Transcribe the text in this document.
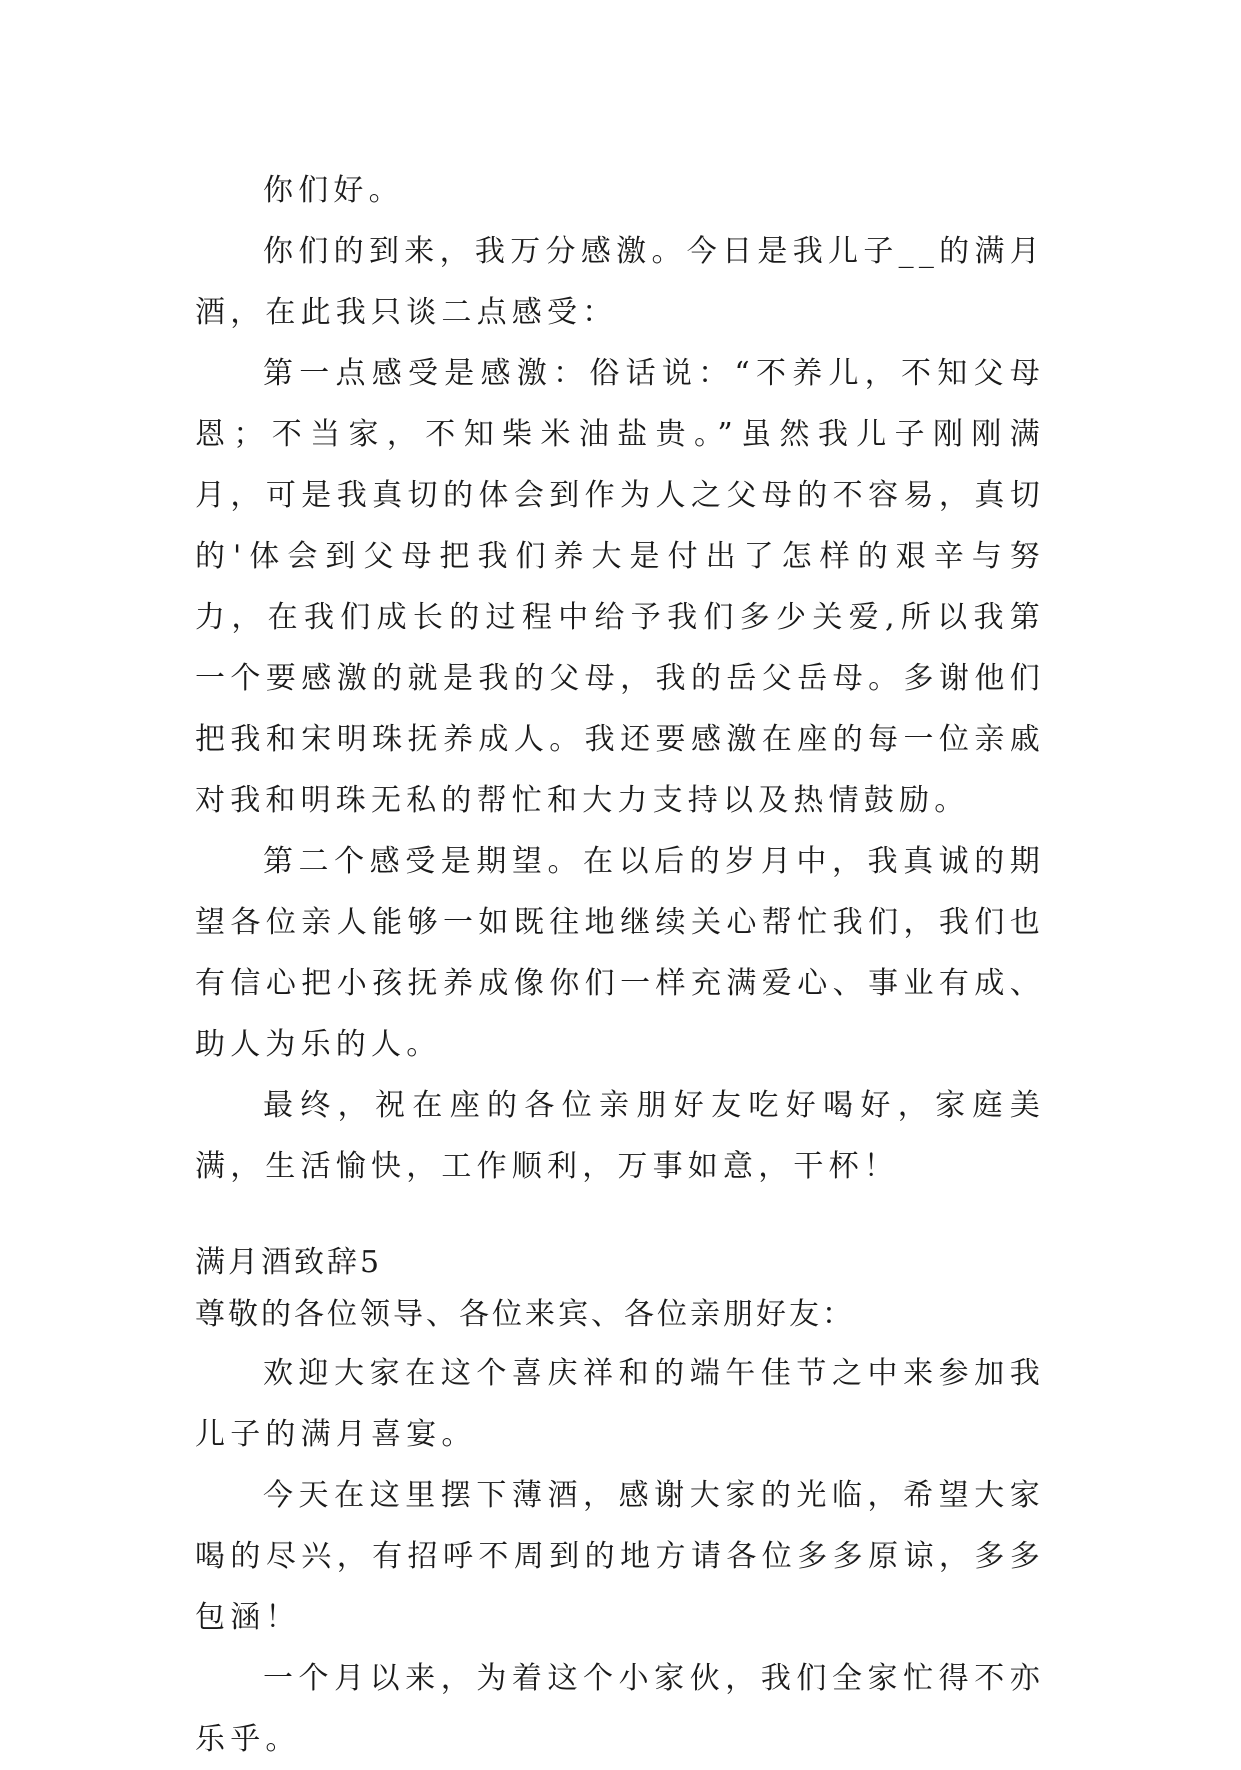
你们好。

你们的到来，我万分感激。今日是我儿子__的满月酒，在此我只谈二点感受：

第一点感受是感激：俗话说：“不养儿，不知父母恩；不当家，不知柴米油盐贵。”虽然我儿子刚刚满月，可是我真切的体会到作为人之父母的不容易，真切的'体会到父母把我们养大是付出了怎样的艰辛与努力，在我们成长的过程中给予我们多少关爱,所以我第一个要感激的就是我的父母，我的岳父岳母。多谢他们把我和宋明珠抚养成人。我还要感激在座的每一位亲戚对我和明珠无私的帮忙和大力支持以及热情鼓励。

第二个感受是期望。在以后的岁月中，我真诚的期望各位亲人能够一如既往地继续关心帮忙我们，我们也有信心把小孩抚养成像你们一样充满爱心、事业有成、助人为乐的人。

最终，祝在座的各位亲朋好友吃好喝好，家庭美满，生活愉快，工作顺利，万事如意，干杯！

满月酒致辞5

尊敬的各位领导、各位来宾、各位亲朋好友：

欢迎大家在这个喜庆祥和的端午佳节之中来参加我儿子的满月喜宴。

今天在这里摆下薄酒，感谢大家的光临，希望大家喝的尽兴，有招呼不周到的地方请各位多多原谅，多多包涵！

一个月以来，为着这个小家伙，我们全家忙得不亦乐乎。
